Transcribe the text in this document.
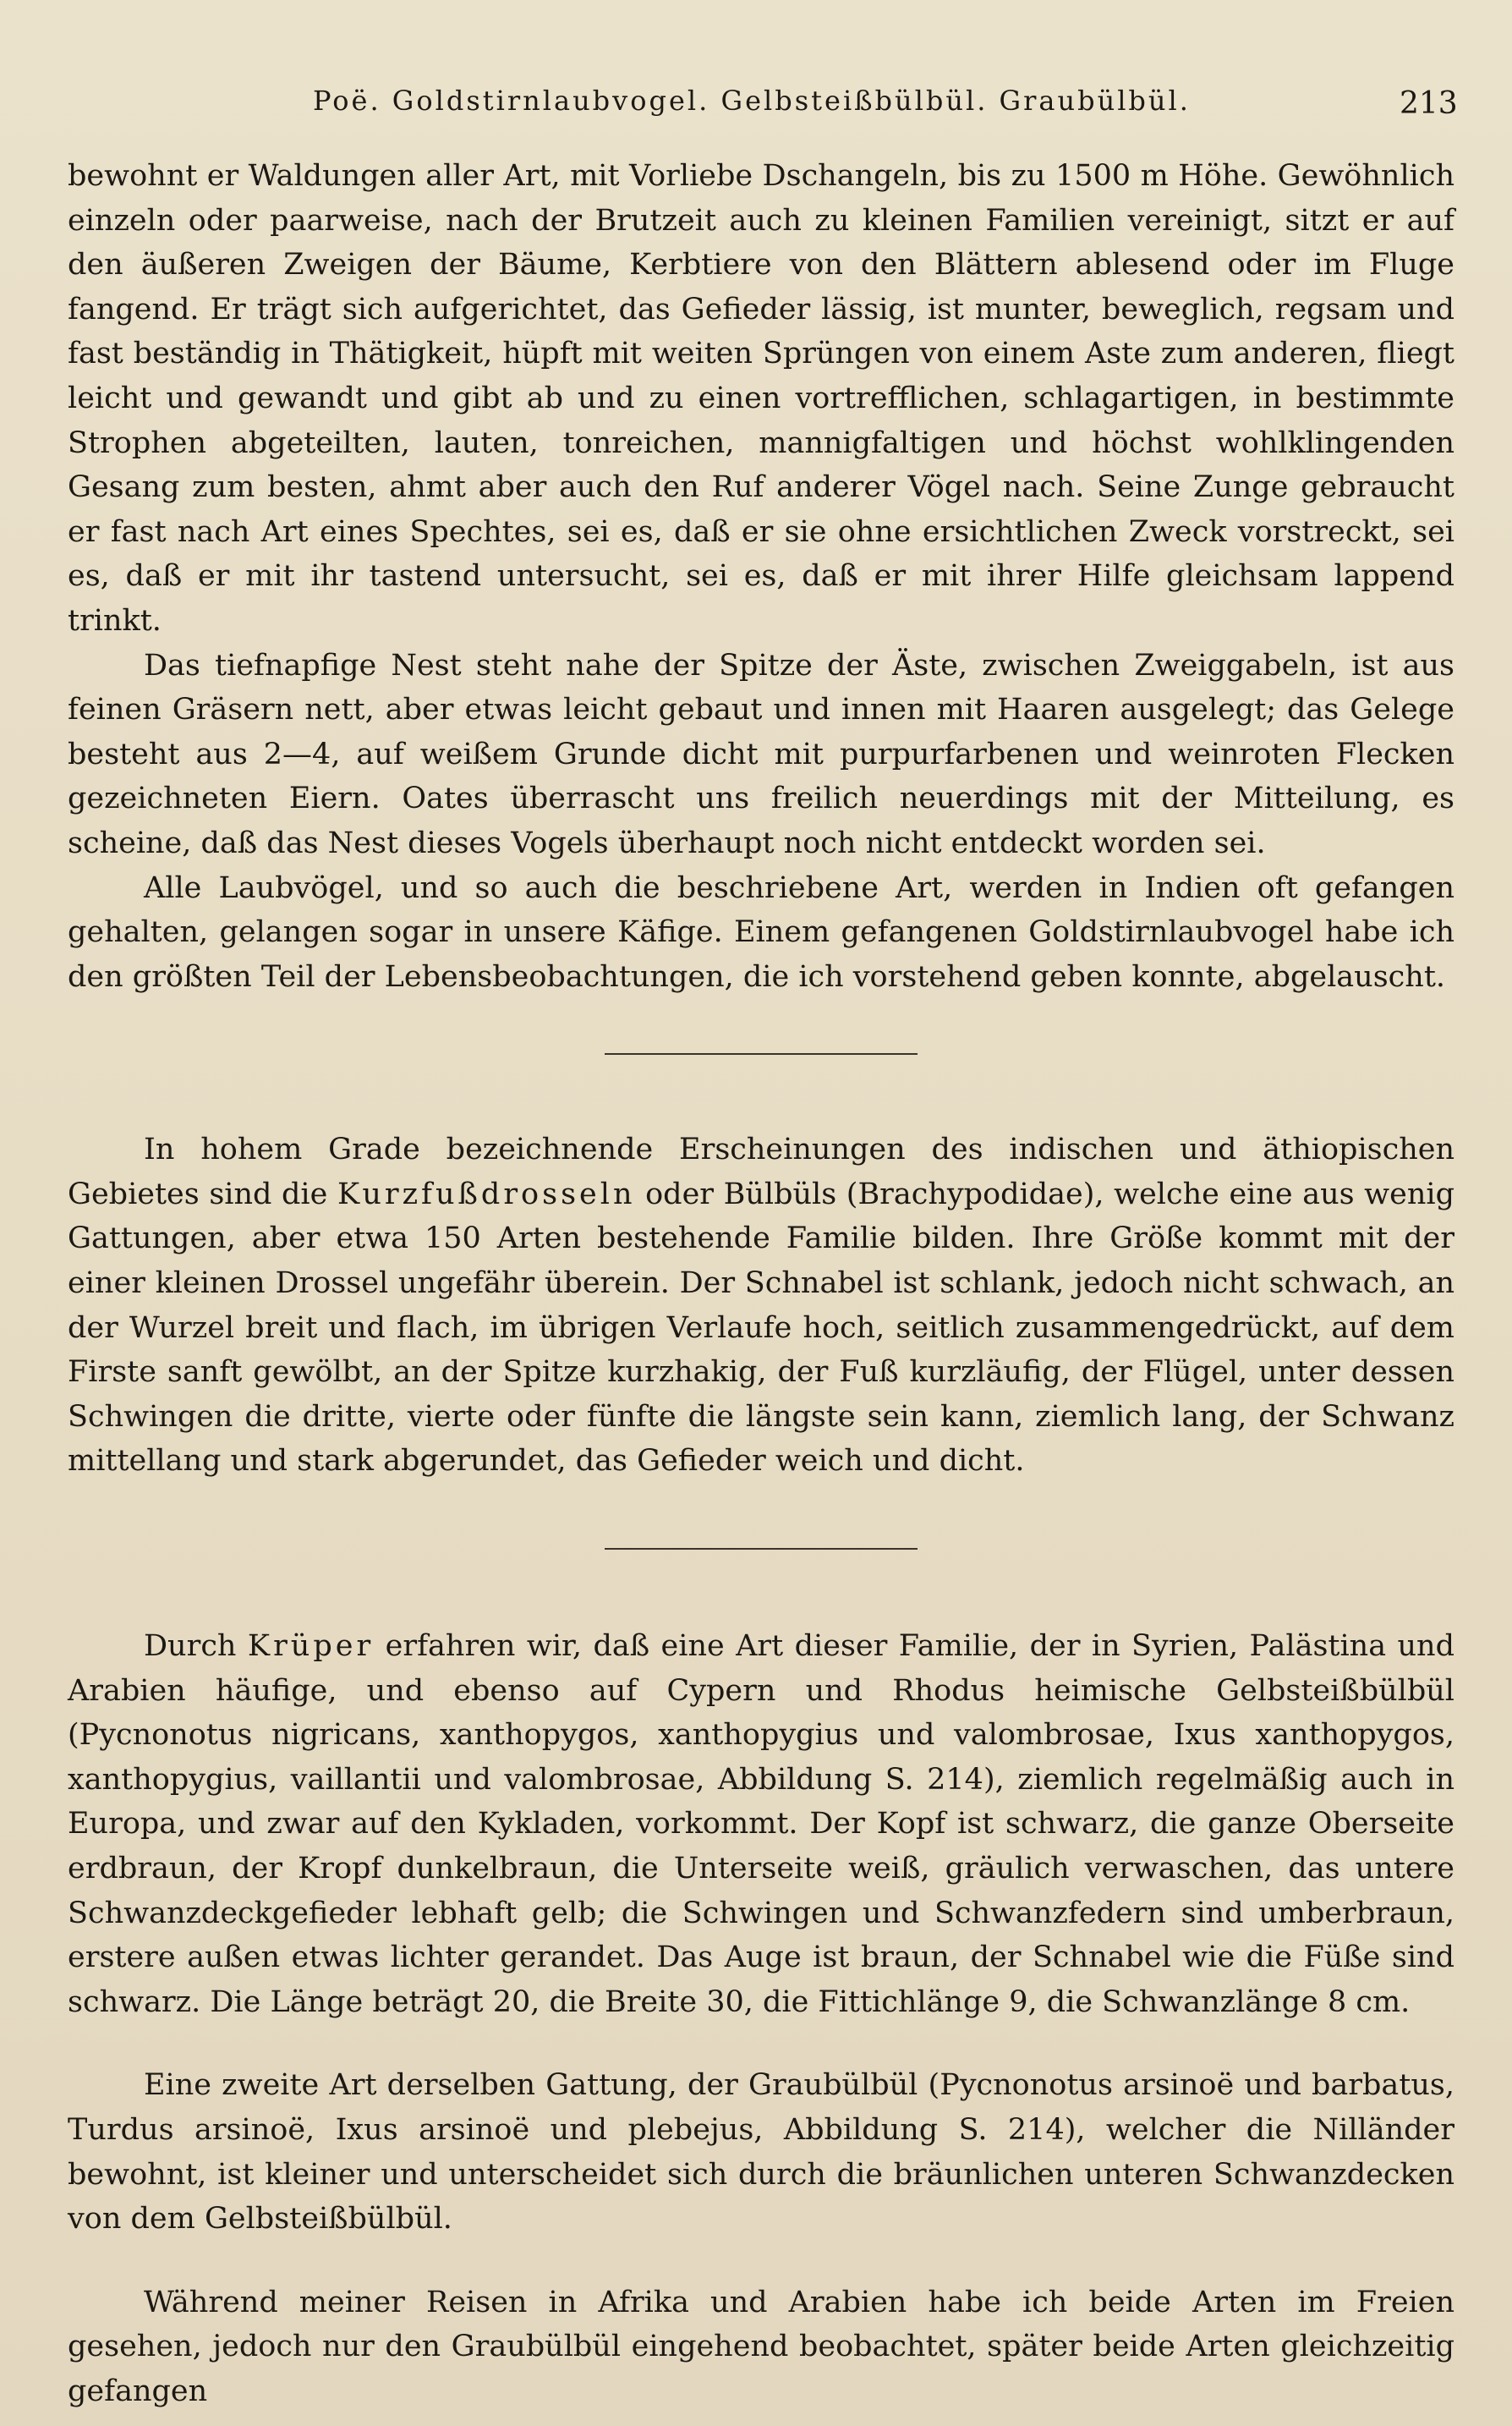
Poë. Goldstirnlaubvogel. Gelbsteißbülbül. Graubülbül.	213

bewohnt er Waldungen aller Art, mit Vorliebe Dschangeln, bis zu 1500 m Höhe. Gewöhnlich einzeln oder paarweise, nach der Brutzeit auch zu kleinen Familien vereinigt, sitzt er auf den äußeren Zweigen der Bäume, Kerbtiere von den Blättern ablesend oder im Fluge fangend. Er trägt sich aufgerichtet, das Gefieder lässig, ist munter, beweglich, regsam und fast beständig in Thätigkeit, hüpft mit weiten Sprüngen von einem Aste zum anderen, fliegt leicht und gewandt und gibt ab und zu einen vortrefflichen, schlagartigen, in bestimmte Strophen abgeteilten, lauten, tonreichen, mannigfaltigen und höchst wohlklingenden Gesang zum besten, ahmt aber auch den Ruf anderer Vögel nach. Seine Zunge gebraucht er fast nach Art eines Spechtes, sei es, daß er sie ohne ersichtlichen Zweck vorstreckt, sei es, daß er mit ihr tastend untersucht, sei es, daß er mit ihrer Hilfe gleichsam lappend trinkt.

Das tiefnapfige Nest steht nahe der Spitze der Äste, zwischen Zweiggabeln, ist aus feinen Gräsern nett, aber etwas leicht gebaut und innen mit Haaren ausgelegt; das Gelege besteht aus 2—4, auf weißem Grunde dicht mit purpurfarbenen und weinroten Flecken gezeichneten Eiern. Oates überrascht uns freilich neuerdings mit der Mitteilung, es scheine, daß das Nest dieses Vogels überhaupt noch nicht entdeckt worden sei.

Alle Laubvögel, und so auch die beschriebene Art, werden in Indien oft gefangen gehalten, gelangen sogar in unsere Käfige. Einem gefangenen Goldstirnlaubvogel habe ich den größten Teil der Lebensbeobachtungen, die ich vorstehend geben konnte, abgelauscht.

In hohem Grade bezeichnende Erscheinungen des indischen und äthiopischen Gebietes sind die Kurzfußdrosseln oder Bülbüls (Brachypodidae), welche eine aus wenig Gattungen, aber etwa 150 Arten bestehende Familie bilden. Ihre Größe kommt mit der einer kleinen Drossel ungefähr überein. Der Schnabel ist schlank, jedoch nicht schwach, an der Wurzel breit und flach, im übrigen Verlaufe hoch, seitlich zusammengedrückt, auf dem Firste sanft gewölbt, an der Spitze kurzhakig, der Fuß kurzläufig, der Flügel, unter dessen Schwingen die dritte, vierte oder fünfte die längste sein kann, ziemlich lang, der Schwanz mittellang und stark abgerundet, das Gefieder weich und dicht.

Durch Krüper erfahren wir, daß eine Art dieser Familie, der in Syrien, Palästina und Arabien häufige, und ebenso auf Cypern und Rhodus heimische Gelbsteißbülbül (Pycnonotus nigricans, xanthopygos, xanthopygius und valombrosae, Ixus xanthopygos, xanthopygius, vaillantii und valombrosae, Abbildung S. 214), ziemlich regelmäßig auch in Europa, und zwar auf den Kykladen, vorkommt. Der Kopf ist schwarz, die ganze Oberseite erdbraun, der Kropf dunkelbraun, die Unterseite weiß, gräulich verwaschen, das untere Schwanzdeckgefieder lebhaft gelb; die Schwingen und Schwanzfedern sind umberbraun, erstere außen etwas lichter gerandet. Das Auge ist braun, der Schnabel wie die Füße sind schwarz. Die Länge beträgt 20, die Breite 30, die Fittichlänge 9, die Schwanzlänge 8 cm.

Eine zweite Art derselben Gattung, der Graubülbül (Pycnonotus arsinoë und barbatus, Turdus arsinoë, Ixus arsinoë und plebejus, Abbildung S. 214), welcher die Nilländer bewohnt, ist kleiner und unterscheidet sich durch die bräunlichen unteren Schwanzdecken von dem Gelbsteißbülbül.

Während meiner Reisen in Afrika und Arabien habe ich beide Arten im Freien gesehen, jedoch nur den Graubülbül eingehend beobachtet, später beide Arten gleichzeitig gefangen
